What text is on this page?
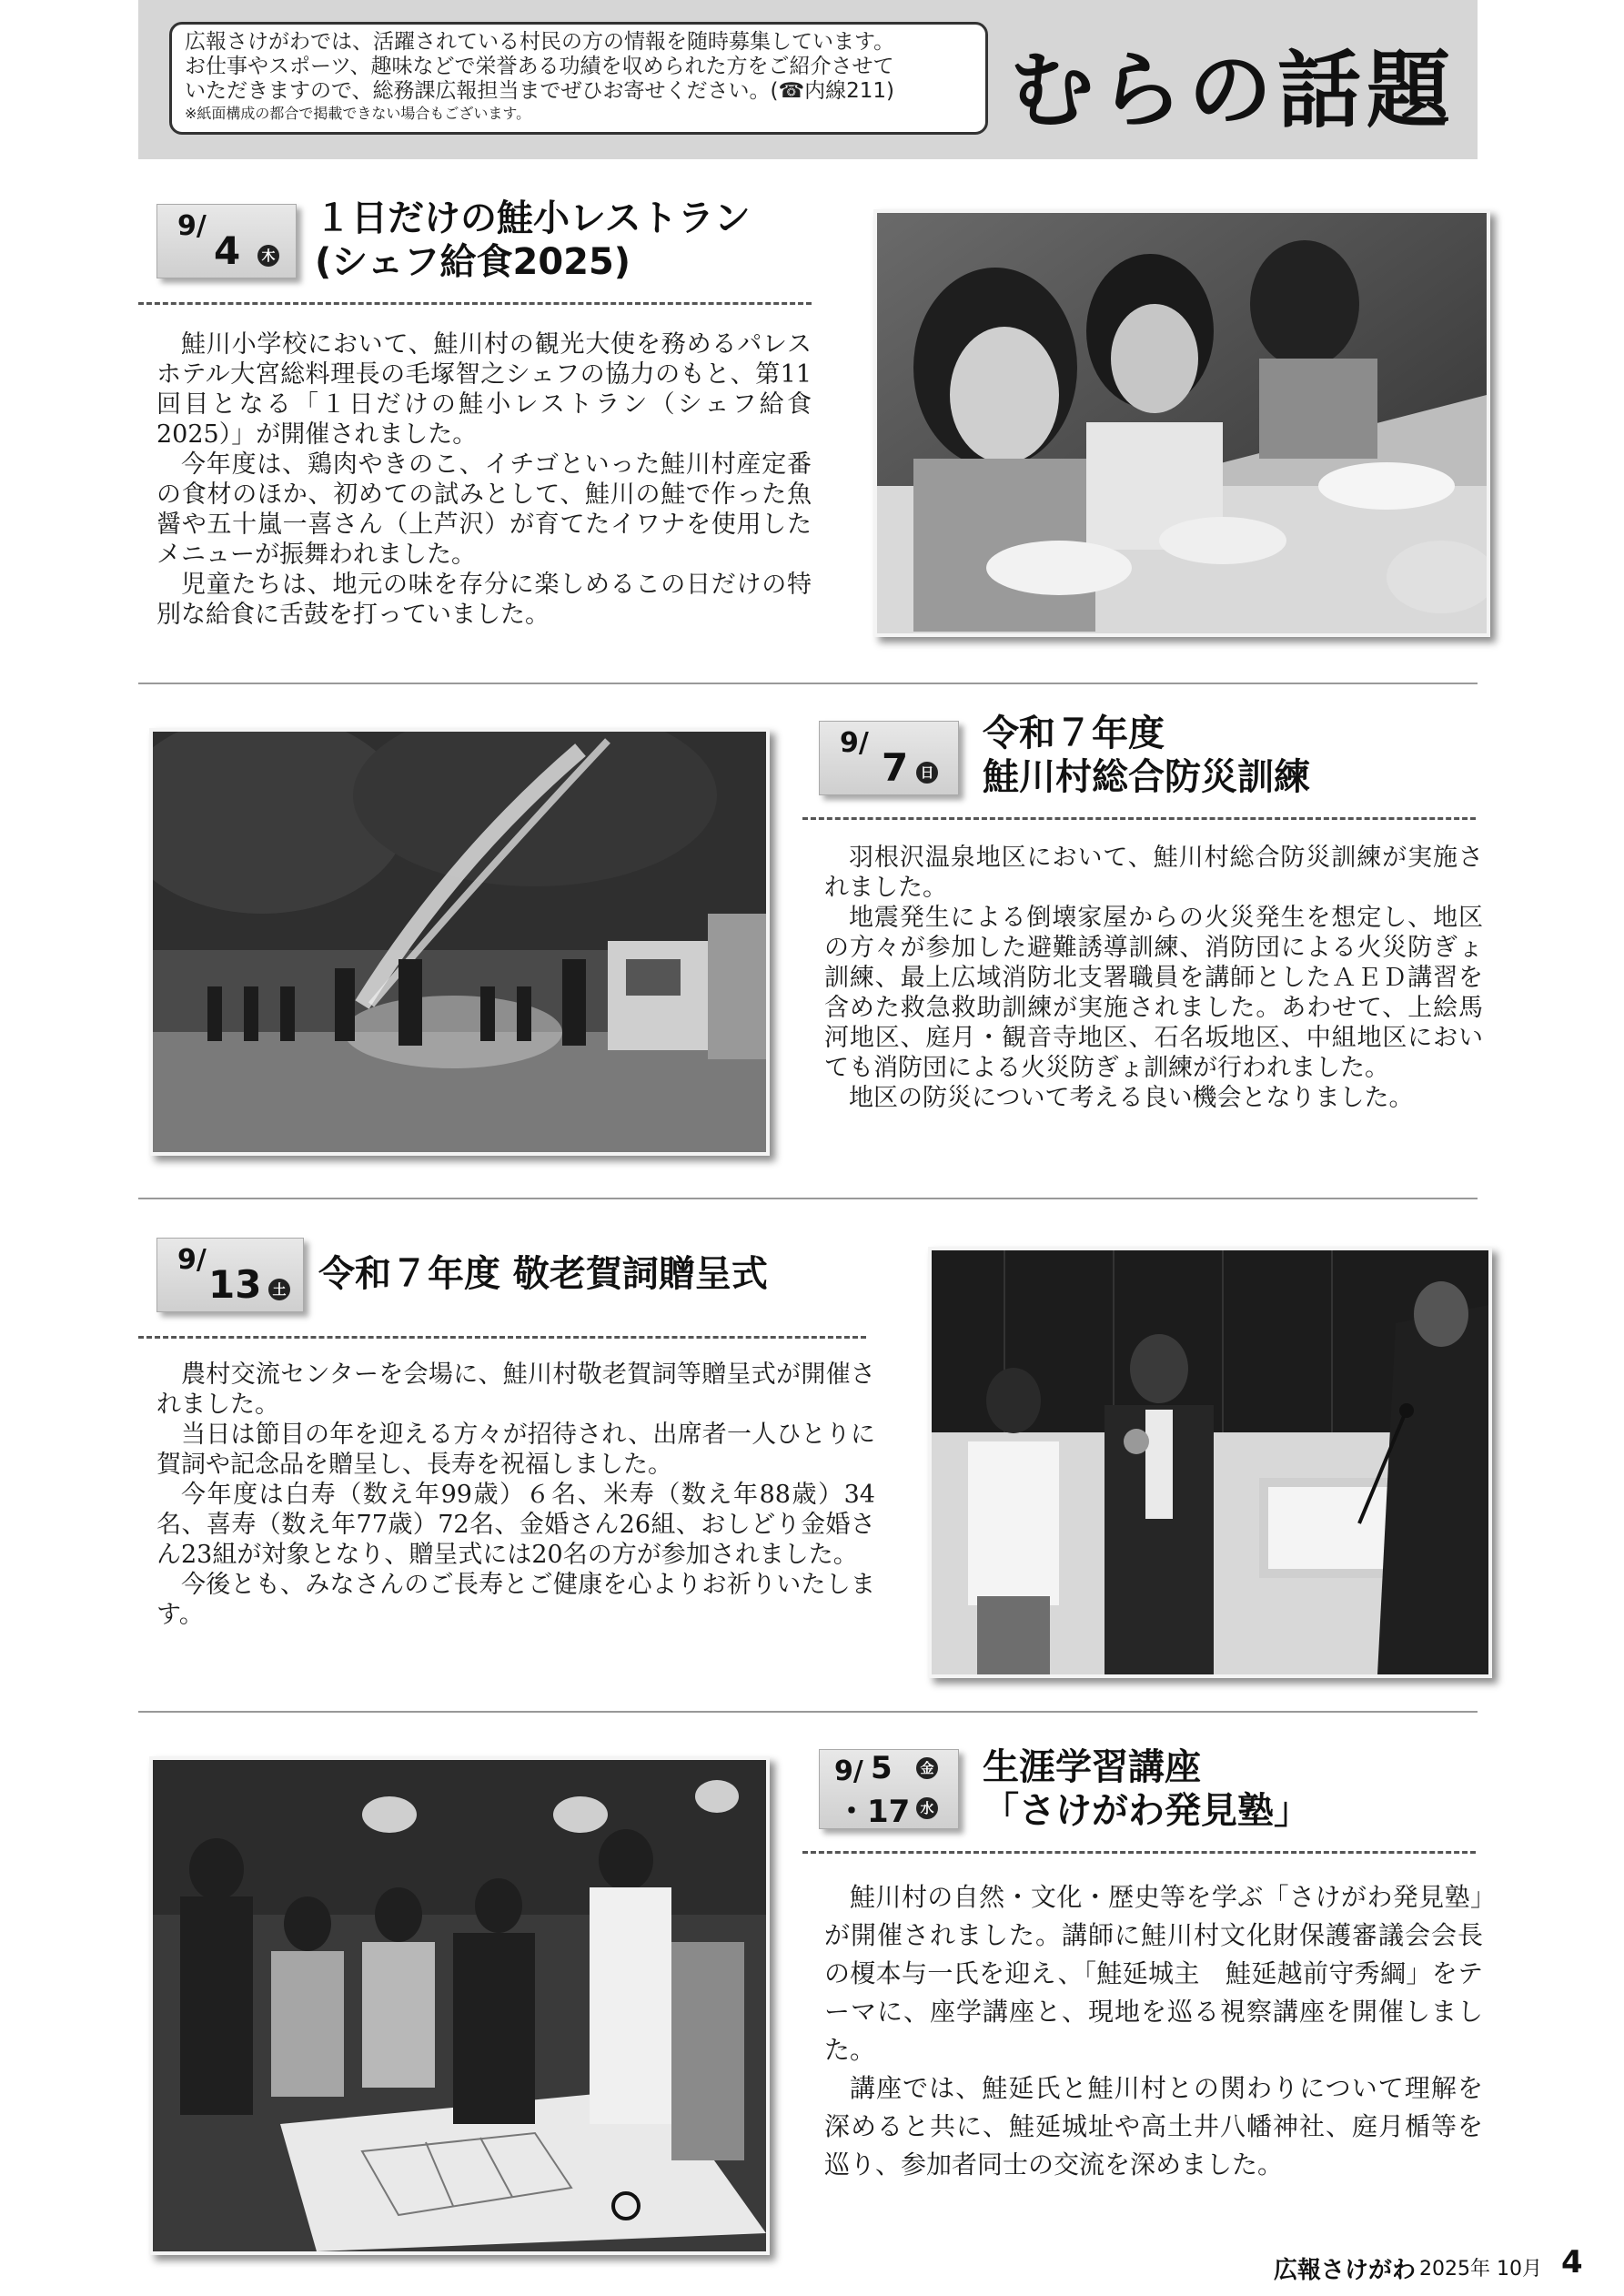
広報さけがわでは、活躍されている村民の方の情報を随時募集しています。
お仕事やスポーツ、趣味などで栄誉ある功績を収められた方をご紹介させて
いただきますので、総務課広報担当までぜひお寄せください。(☎内線211)
※紙面構成の都合で掲載できない場合もございます。	むらの話題
9/
4 木
１日だけの鮭小レストラン
(シェフ給食2025)

鮭川小学校において、鮭川村の観光大使を務めるパレスホテル大宮総料理長の毛塚智之シェフの協力のもと、第11回目となる「１日だけの鮭小レストラン（シェフ給食2025）」が開催されました。

今年度は、鶏肉やきのこ、イチゴといった鮭川村産定番の食材のほか、初めての試みとして、鮭川の鮭で作った魚醤や五十嵐一喜さん（上芦沢）が育てたイワナを使用したメニューが振舞われました。

児童たちは、地元の味を存分に楽しめるこの日だけの特別な給食に舌鼓を打っていました。

9/
7 日
令和７年度
鮭川村総合防災訓練

羽根沢温泉地区において、鮭川村総合防災訓練が実施されました。

地震発生による倒壊家屋からの火災発生を想定し、地区の方々が参加した避難誘導訓練、消防団による火災防ぎょ訓練、最上広域消防北支署職員を講師としたＡＥＤ講習を含めた救急救助訓練が実施されました。あわせて、上絵馬河地区、庭月・観音寺地区、石名坂地区、中組地区においても消防団による火災防ぎょ訓練が行われました。

地区の防災について考える良い機会となりました。

9/
13 土 令和７年度 敬老賀詞贈呈式

農村交流センターを会場に、鮭川村敬老賀詞等贈呈式が開催されました。

当日は節目の年を迎える方々が招待され、出席者一人ひとりに賀詞や記念品を贈呈し、長寿を祝福しました。

今年度は白寿（数え年99歳）６名、米寿（数え年88歳）34名、喜寿（数え年77歳）72名、金婚さん26組、おしどり金婚さん23組が対象となり、贈呈式には20名の方が参加されました。

今後とも、みなさんのご長寿とご健康を心よりお祈りいたします。

9/ 5 金
・17 水
生涯学習講座
「さけがわ発見塾」

鮭川村の自然・文化・歴史等を学ぶ「さけがわ発見塾」が開催されました。講師に鮭川村文化財保護審議会会長の榎本与一氏を迎え、「鮭延城主　鮭延越前守秀綱」をテーマに、座学講座と、現地を巡る視察講座を開催しました。

講座では、鮭延氏と鮭川村との関わりについて理解を深めると共に、鮭延城址や高土井八幡神社、庭月楯等を巡り、参加者同士の交流を深めました。

広報さけがわ 2025年 10月 4
